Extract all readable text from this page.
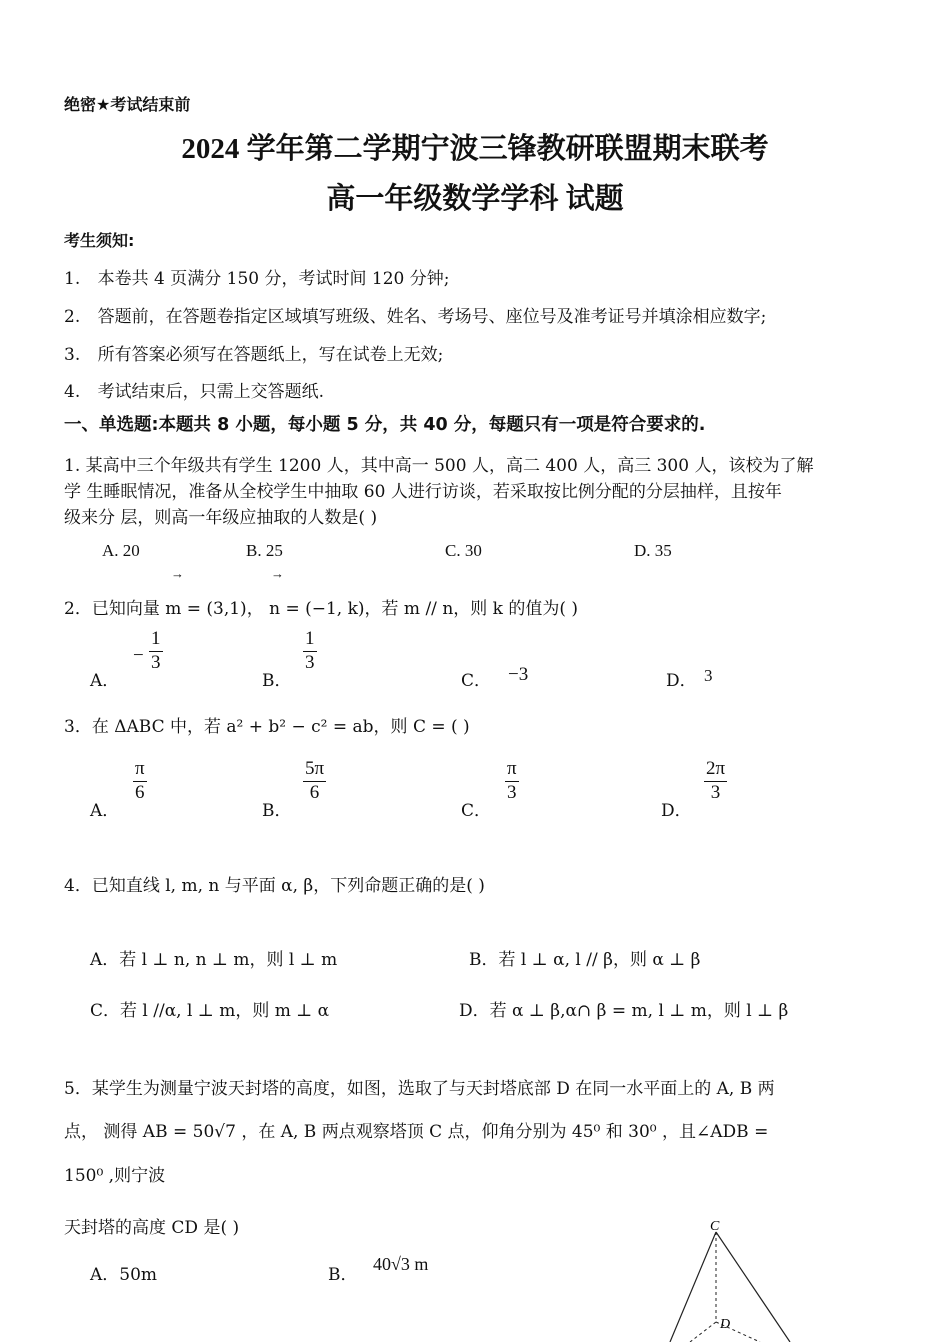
绝密★考试结束前
2024 学年第二学期宁波三锋教研联盟期末联考
高一年级数学学科 试题
考生须知:
1. 本卷共 4 页满分 150 分，考试时间 120 分钟;
2. 答题前，在答题卷指定区域填写班级、姓名、考场号、座位号及准考证号并填涂相应数字;
3. 所有答案必须写在答题纸上，写在试卷上无效;
4. 考试结束后，只需上交答题纸.
一、单选题:本题共 8 小题，每小题 5 分，共 40 分，每题只有一项是符合要求的.
1. 某高中三个年级共有学生 1200 人，其中高一 500 人，高二 400 人，高三 300 人，该校为了解
学 生睡眠情况，准备从全校学生中抽取 60 人进行访谈，若采取按比例分配的分层抽样，且按年
级来分 层，则高一年级应抽取的人数是( )
A. 20	B. 25	C. 30	D. 35
→	→
2．已知向量 m = (3,1)， n = (−1, k)，若 m // n，则 k 的值为( )
A．
− $\frac{1}{3}$
B．
$\frac{1}{3}$
C． −3	D． 3
3．在 ΔABC 中，若 a² + b² − c² = ab，则 C = ( )
A．
$\frac{\pi}{6}$
B．
$\frac{5\pi}{6}$
C．
$\frac{\pi}{3}$
D．
$\frac{2\pi}{3}$
4．已知直线 l, m, n 与平面 α, β，下列命题正确的是( )
A．若 l ⊥ n, n ⊥ m，则 l ⊥ m	B．若 l ⊥ α, l // β，则 α ⊥ β
C．若 l //α, l ⊥ m，则 m ⊥ α	D．若 α ⊥ β,α∩ β = m, l ⊥ m，则 l ⊥ β
5．某学生为测量宁波天封塔的高度，如图，选取了与天封塔底部 D 在同一水平面上的 A, B 两
点， 测得 AB = 50√7 ，在 A, B 两点观察塔顶 C 点，仰角分别为 45⁰ 和 30⁰ ，且∠ADB =
150⁰ ,则宁波
天封塔的高度 CD 是( )
A．50m	B．
40√3 m
C
D
